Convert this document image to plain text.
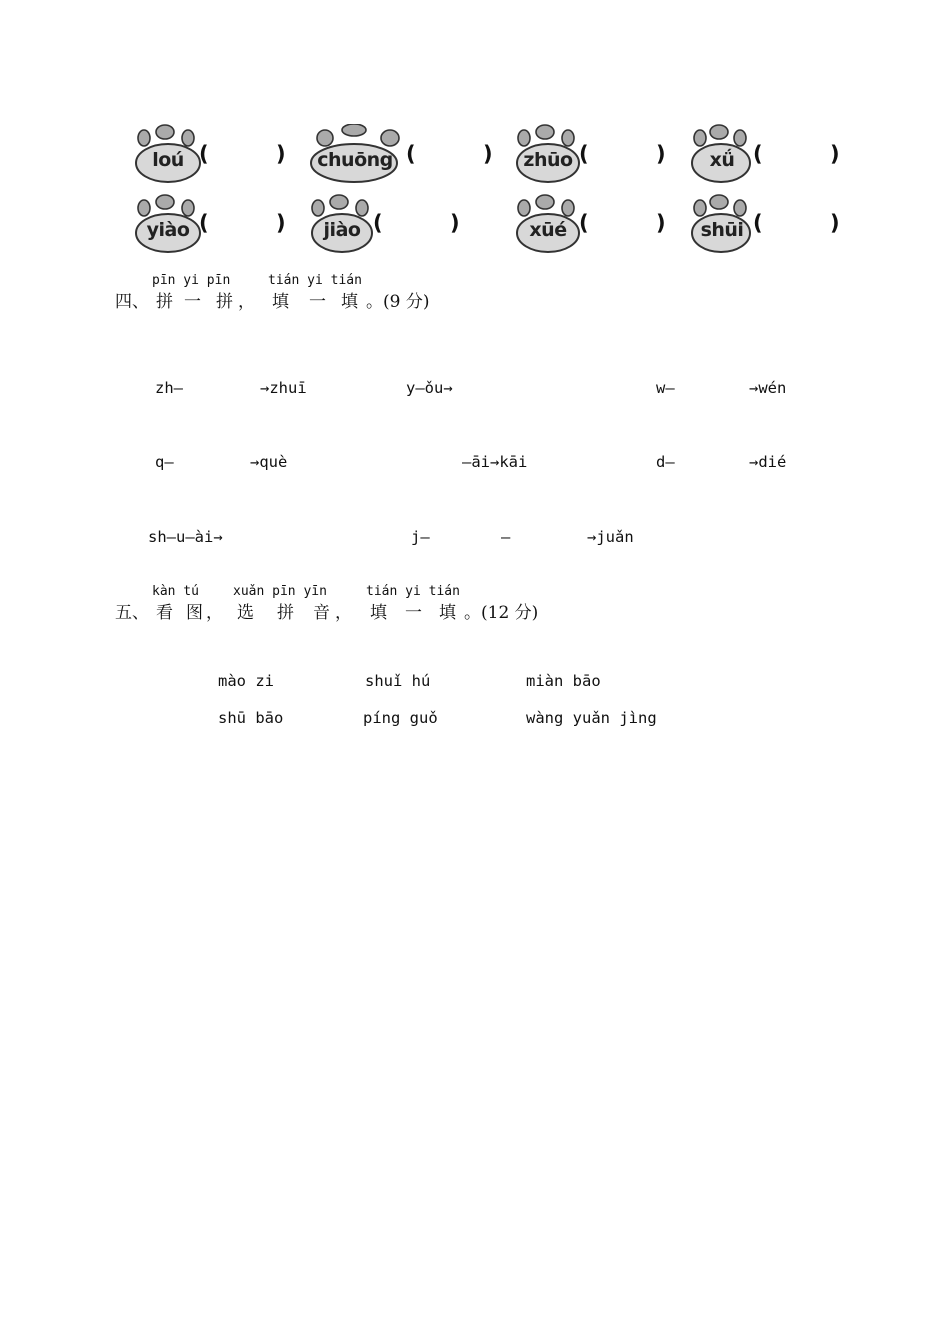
loú (	)	chuōng (	)	zhūo (	)	xǘ (	)
yiào (	)	jiào (	)	xūé (	)	shūi (	)
四、
pīn yi pīn
拼 一 拼 ，
tián yi tián
填 一 填 。(9 分)
zh—	→zhuī	y—ǒu→	w—	→wén
q—	→què	—āi→kāi	d—	→dié
sh—u—ài→	j—	—	→juǎn
五、
kàn tú
看 图 ，
xuǎn pīn yīn
选 拼 音 ，
tián yi tián
填 一 填 。(12 分)
mào zi	shuǐ hú	miàn bāo
shū bāo	píng guǒ	wàng yuǎn jìng
